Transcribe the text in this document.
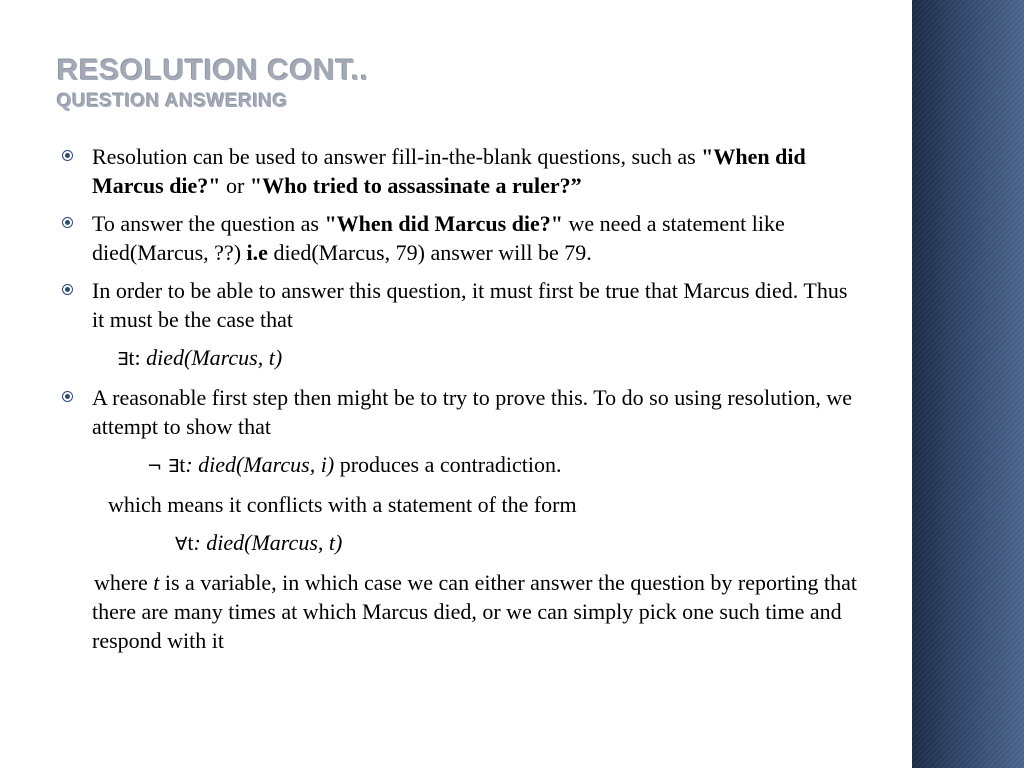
RESOLUTION CONT..
QUESTION ANSWERING
Resolution can be used to answer fill-in-the-blank questions, such as "When did Marcus die?" or "Who tried to assassinate a ruler?”
To answer the question as "When did Marcus die?" we need a statement like died(Marcus, ??) i.e died(Marcus, 79) answer will be 79.
In order to be able to answer this question, it must first be true that Marcus died. Thus it must be the case that
∃t: died(Marcus, t)
A reasonable first step then might be to try to prove this. To do so using resolution, we attempt to show that
¬ ∃t: died(Marcus, i) produces a contradiction.
which means it conflicts with a statement of the form
∀t: died(Marcus, t)
where t is a variable, in which case we can either answer the question by reporting that there are many times at which Marcus died, or we can simply pick one such time and respond with it
